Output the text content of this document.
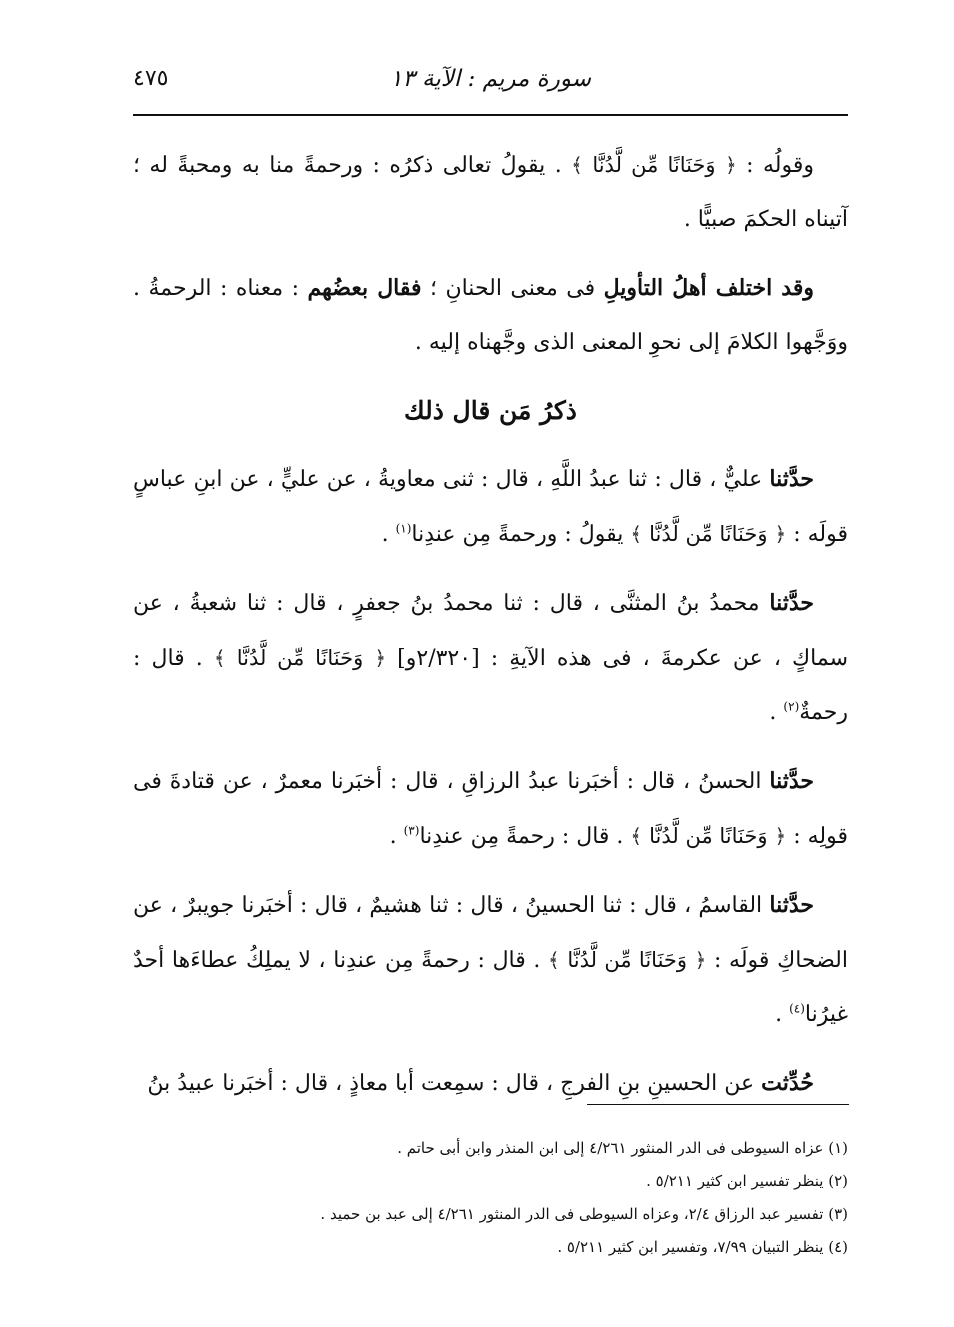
سورة مريم : الآية ١٣
٤٧٥

وقولُه : ﴿ وَحَنَانًا مِّن لَّدُنَّا ﴾ . يقولُ تعالى ذكرُه : ورحمةً منا به ومحبةً له ؛ آتيناه الحكمَ صبيًّا .

وقد اختلف أهلُ التأويلِ فى معنى الحنانِ ؛ فقال بعضُهم : معناه : الرحمةُ . ووَجَّهوا الكلامَ إلى نحوِ المعنى الذى وجَّهناه إليه .

ذكرُ مَن قال ذلك

حدَّثنا عليٌّ ، قال : ثنا عبدُ اللَّهِ ، قال : ثنى معاويةُ ، عن عليٍّ ، عن ابنِ عباسٍ قولَه : ﴿ وَحَنَانًا مِّن لَّدُنَّا ﴾ يقولُ : ورحمةً مِن عندِنا$^{(١)}$ .

حدَّثنا محمدُ بنُ المثنَّى ، قال : ثنا محمدُ بنُ جعفرٍ ، قال : ثنا شعبةُ ، عن سماكٍ ، عن عكرمةَ ، فى هذه الآيةِ : [٢/٣٢٠و] ﴿ وَحَنَانًا مِّن لَّدُنَّا ﴾ . قال : رحمةٌ$^{(٢)}$ .

حدَّثنا الحسنُ ، قال : أخبَرنا عبدُ الرزاقِ ، قال : أخبَرنا معمرٌ ، عن قتادةَ فى قولِه : ﴿ وَحَنَانًا مِّن لَّدُنَّا ﴾ . قال : رحمةً مِن عندِنا$^{(٣)}$ .

حدَّثنا القاسمُ ، قال : ثنا الحسينُ ، قال : ثنا هشيمٌ ، قال : أخبَرنا جويبرٌ ، عن الضحاكِ قولَه : ﴿ وَحَنَانًا مِّن لَّدُنَّا ﴾ . قال : رحمةً مِن عندِنا ، لا يملِكُ عطاءَها أحدٌ غيرُنا$^{(٤)}$ .

حُدِّثت عن الحسينِ بنِ الفرجِ ، قال : سمِعت أبا معاذٍ ، قال : أخبَرنا عبيدُ بنُ

(١) عزاه السيوطى فى الدر المنثور ٤/٢٦١ إلى ابن المنذر وابن أبى حاتم .
(٢) ينظر تفسير ابن كثير ٥/٢١١ .
(٣) تفسير عبد الرزاق ٢/٤، وعزاه السيوطى فى الدر المنثور ٤/٢٦١ إلى عبد بن حميد .
(٤) ينظر التبيان ٧/٩٩، وتفسير ابن كثير ٥/٢١١ .
